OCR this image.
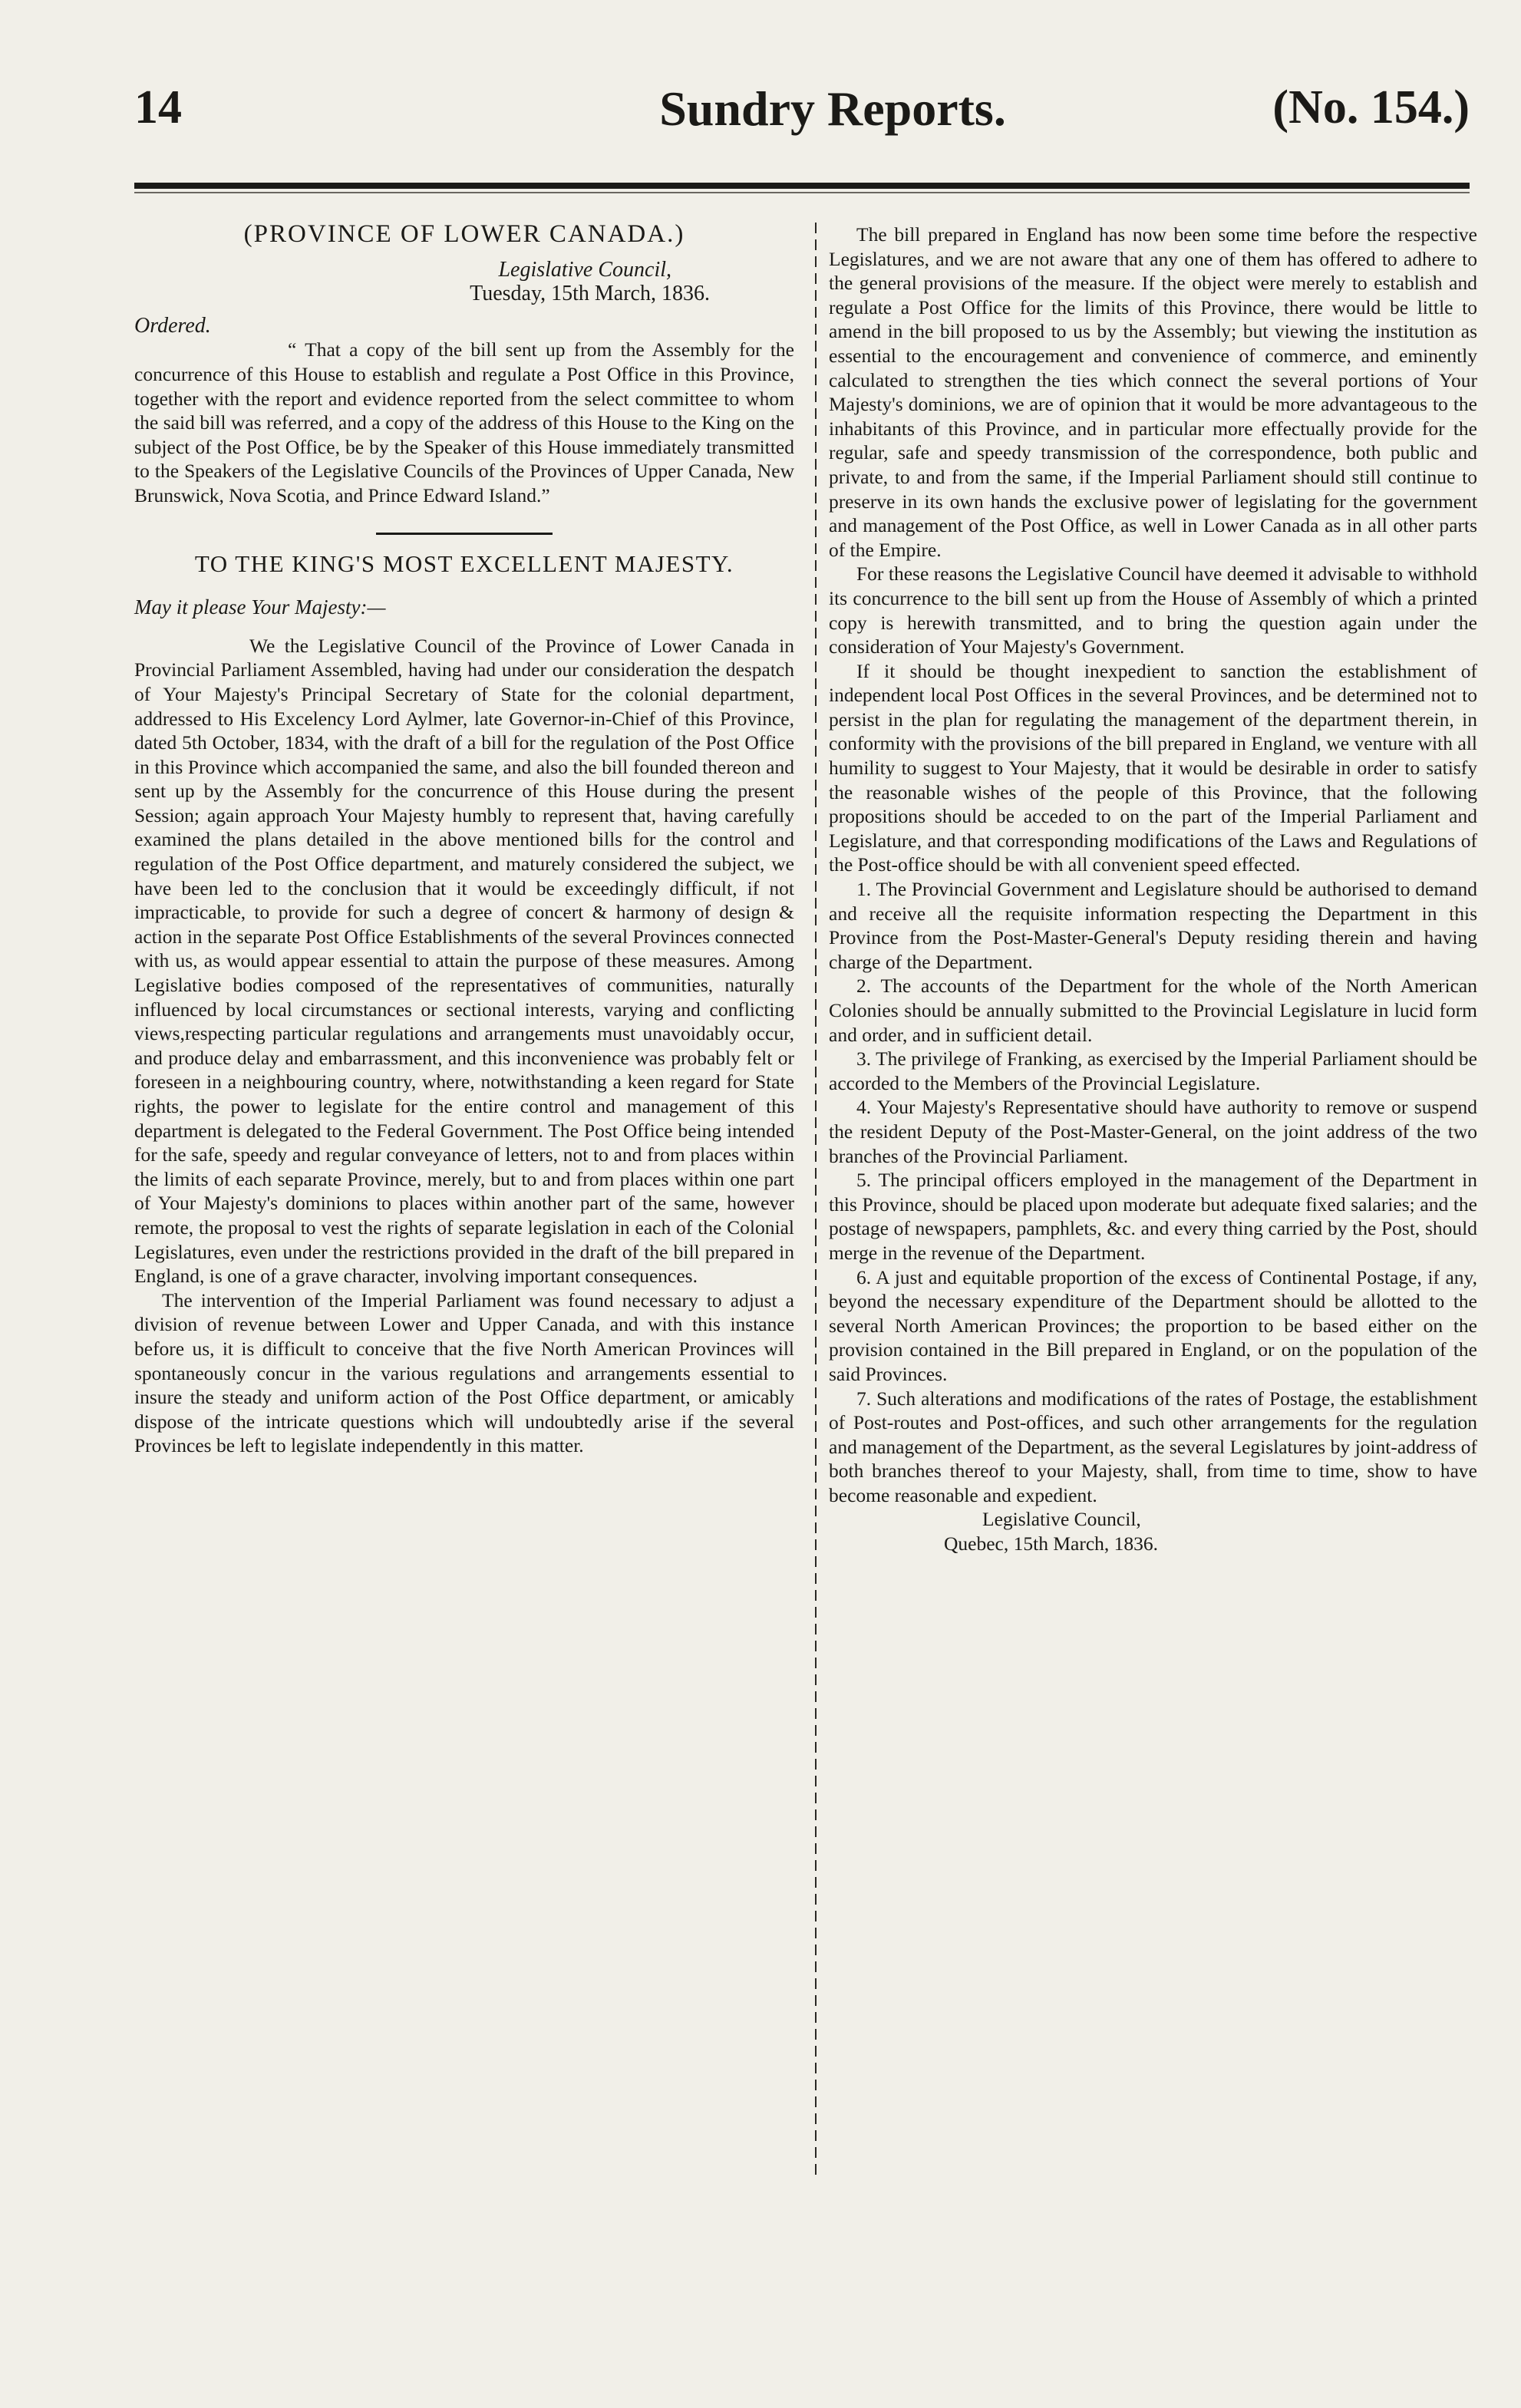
14	Sundry Reports.	(No. 154.)

(PROVINCE OF LOWER CANADA.)

Legislative Council,

Tuesday, 15th March, 1836.

Ordered.

“ That a copy of the bill sent up from the Assembly for the concurrence of this House to establish and regulate a Post Office in this Province, together with the report and evidence reported from the select committee to whom the said bill was referred, and a copy of the address of this House to the King on the subject of the Post Office, be by the Speaker of this House immediately transmitted to the Speakers of the Legislative Councils of the Provinces of Upper Canada, New Brunswick, Nova Scotia, and Prince Edward Island.”

TO THE KING'S MOST EXCELLENT MAJESTY.

May it please Your Majesty:—

We the Legislative Council of the Province of Lower Canada in Provincial Parliament Assembled, having had under our consideration the despatch of Your Majesty's Principal Secretary of State for the colonial department, addressed to His Excelency Lord Aylmer, late Governor-in-Chief of this Province, dated 5th October, 1834, with the draft of a bill for the regulation of the Post Office in this Province which accompanied the same, and also the bill founded thereon and sent up by the Assembly for the concurrence of this House during the present Session; again approach Your Majesty humbly to represent that, having carefully examined the plans detailed in the above mentioned bills for the control and regulation of the Post Office department, and maturely considered the subject, we have been led to the conclusion that it would be exceedingly difficult, if not impracticable, to provide for such a degree of concert & harmony of design & action in the separate Post Office Establishments of the several Provinces connected with us, as would appear essential to attain the purpose of these measures. Among Legislative bodies composed of the representatives of communities, naturally influenced by local circumstances or sectional interests, varying and conflicting views,respecting particular regulations and arrangements must unavoidably occur, and produce delay and embarrassment, and this inconvenience was probably felt or foreseen in a neighbouring country, where, notwithstanding a keen regard for State rights, the power to legislate for the entire control and management of this department is delegated to the Federal Government. The Post Office being intended for the safe, speedy and regular conveyance of letters, not to and from places within the limits of each separate Province, merely, but to and from places within one part of Your Majesty's dominions to places within another part of the same, however remote, the proposal to vest the rights of separate legislation in each of the Colonial Legislatures, even under the restrictions provided in the draft of the bill prepared in England, is one of a grave character, involving important consequences.

The intervention of the Imperial Parliament was found necessary to adjust a division of revenue between Lower and Upper Canada, and with this instance before us, it is difficult to conceive that the five North American Provinces will spontaneously concur in the various regulations and arrangements essential to insure the steady and uniform action of the Post Office department, or amicably dispose of the intricate questions which will undoubtedly arise if the several Provinces be left to legislate independently in this matter.

The bill prepared in England has now been some time before the respective Legislatures, and we are not aware that any one of them has offered to adhere to the general provisions of the measure. If the object were merely to establish and regulate a Post Office for the limits of this Province, there would be little to amend in the bill proposed to us by the Assembly; but viewing the institution as essential to the encouragement and convenience of commerce, and eminently calculated to strengthen the ties which connect the several portions of Your Majesty's dominions, we are of opinion that it would be more advantageous to the inhabitants of this Province, and in particular more effectually provide for the regular, safe and speedy transmission of the correspondence, both public and private, to and from the same, if the Imperial Parliament should still continue to preserve in its own hands the exclusive power of legislating for the government and management of the Post Office, as well in Lower Canada as in all other parts of the Empire.

For these reasons the Legislative Council have deemed it advisable to withhold its concurrence to the bill sent up from the House of Assembly of which a printed copy is herewith transmitted, and to bring the question again under the consideration of Your Majesty's Government.

If it should be thought inexpedient to sanction the establishment of independent local Post Offices in the several Provinces, and be determined not to persist in the plan for regulating the management of the department therein, in conformity with the provisions of the bill prepared in England, we venture with all humility to suggest to Your Majesty, that it would be desirable in order to satisfy the reasonable wishes of the people of this Province, that the following propositions should be acceded to on the part of the Imperial Parliament and Legislature, and that corresponding modifications of the Laws and Regulations of the Post-office should be with all convenient speed effected.

1. The Provincial Government and Legislature should be authorised to demand and receive all the requisite information respecting the Department in this Province from the Post-Master-General's Deputy residing therein and having charge of the Department.

2. The accounts of the Department for the whole of the North American Colonies should be annually submitted to the Provincial Legislature in lucid form and order, and in sufficient detail.

3. The privilege of Franking, as exercised by the Imperial Parliament should be accorded to the Members of the Provincial Legislature.

4. Your Majesty's Representative should have authority to remove or suspend the resident Deputy of the Post-Master-General, on the joint address of the two branches of the Provincial Parliament.

5. The principal officers employed in the management of the Department in this Province, should be placed upon moderate but adequate fixed salaries; and the postage of newspapers, pamphlets, &c. and every thing carried by the Post, should merge in the revenue of the Department.

6. A just and equitable proportion of the excess of Continental Postage, if any, beyond the necessary expenditure of the Department should be allotted to the several North American Provinces; the proportion to be based either on the provision contained in the Bill prepared in England, or on the population of the said Provinces.

7. Such alterations and modifications of the rates of Postage, the establishment of Post-routes and Post-offices, and such other arrangements for the regulation and management of the Department, as the several Legislatures by joint-address of both branches thereof to your Majesty, shall, from time to time, show to have become reasonable and expedient.

Legislative Council,

Quebec, 15th March, 1836.
